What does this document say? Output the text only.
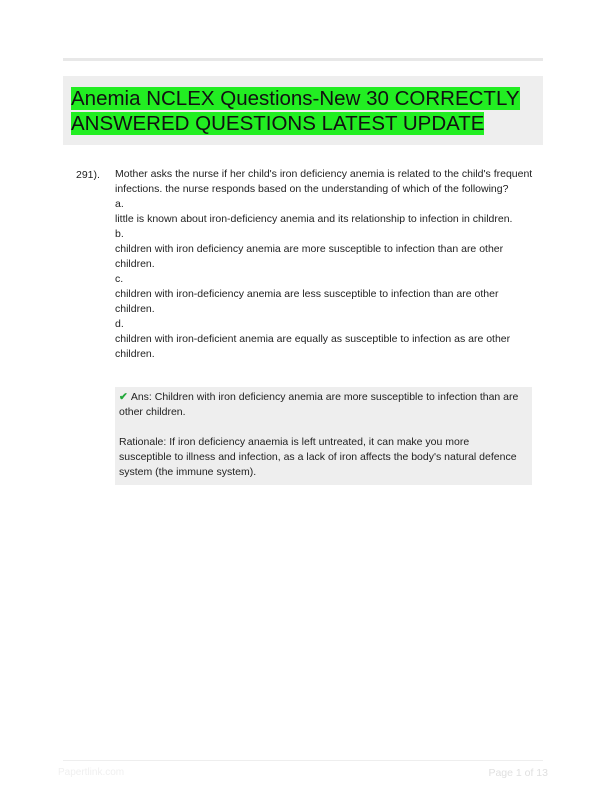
Anemia NCLEX Questions-New 30 CORRECTLY ANSWERED QUESTIONS LATEST UPDATE
291). Mother asks the nurse if her child's iron deficiency anemia is related to the child's frequent infections. the nurse responds based on the understanding of which of the following?
a.
little is known about iron-deficiency anemia and its relationship to infection in children.
b.
children with iron deficiency anemia are more susceptible to infection than are other children.
c.
children with iron-deficiency anemia are less susceptible to infection than are other children.
d.
children with iron-deficient anemia are equally as susceptible to infection as are other children.
✔ Ans: Children with iron deficiency anemia are more susceptible to infection than are other children.
Rationale: If iron deficiency anaemia is left untreated, it can make you more susceptible to illness and infection, as a lack of iron affects the body's natural defence system (the immune system).
Papertlink.com	Page 1 of 13
